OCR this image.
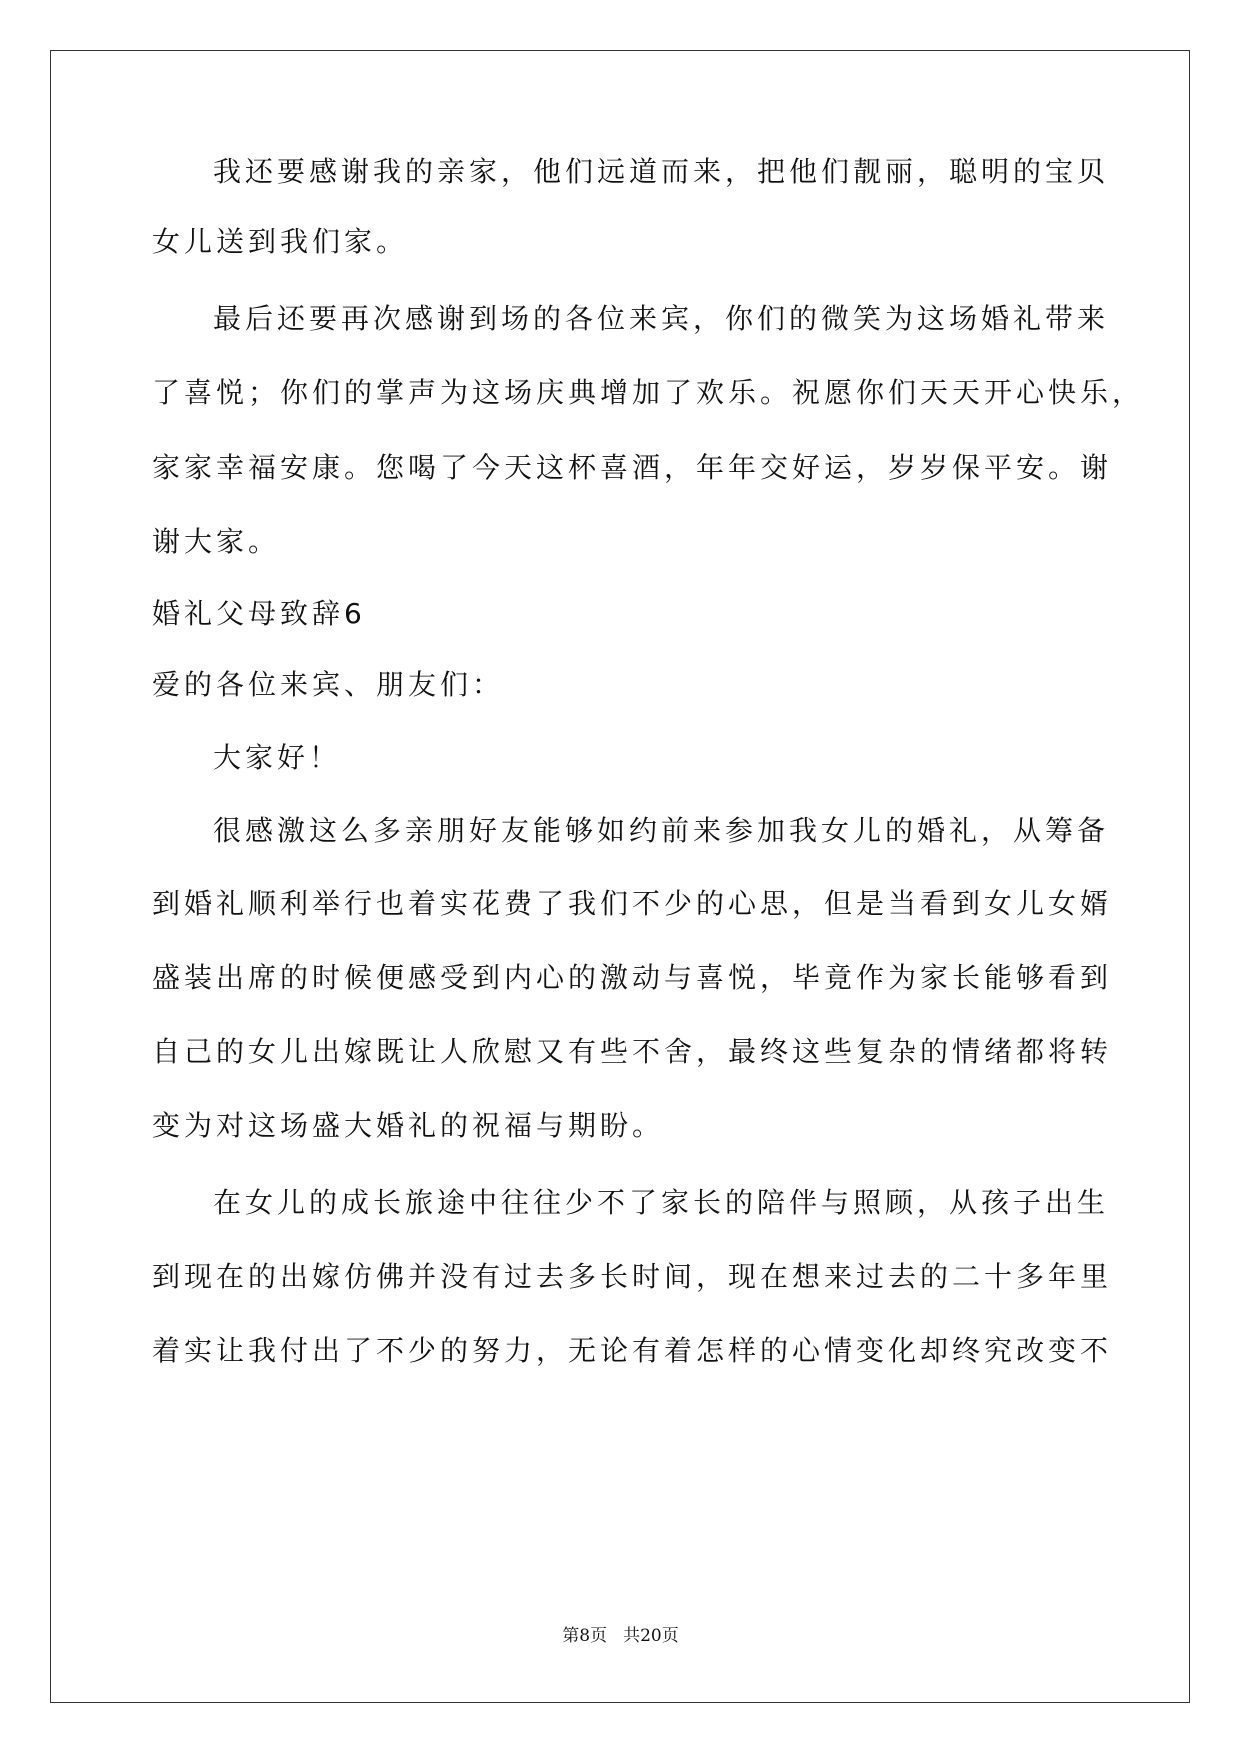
我还要感谢我的亲家，他们远道而来，把他们靓丽，聪明的宝贝
女儿送到我们家。
最后还要再次感谢到场的各位来宾，你们的微笑为这场婚礼带来
了喜悦；你们的掌声为这场庆典增加了欢乐。祝愿你们天天开心快乐，
家家幸福安康。您喝了今天这杯喜酒，年年交好运，岁岁保平安。谢
谢大家。
婚礼父母致辞6
爱的各位来宾、朋友们：
大家好！
很感激这么多亲朋好友能够如约前来参加我女儿的婚礼，从筹备
到婚礼顺利举行也着实花费了我们不少的心思，但是当看到女儿女婿
盛装出席的时候便感受到内心的激动与喜悦，毕竟作为家长能够看到
自己的女儿出嫁既让人欣慰又有些不舍，最终这些复杂的情绪都将转
变为对这场盛大婚礼的祝福与期盼。
在女儿的成长旅途中往往少不了家长的陪伴与照顾，从孩子出生
到现在的出嫁仿佛并没有过去多长时间，现在想来过去的二十多年里
着实让我付出了不少的努力，无论有着怎样的心情变化却终究改变不
第8页 共20页
